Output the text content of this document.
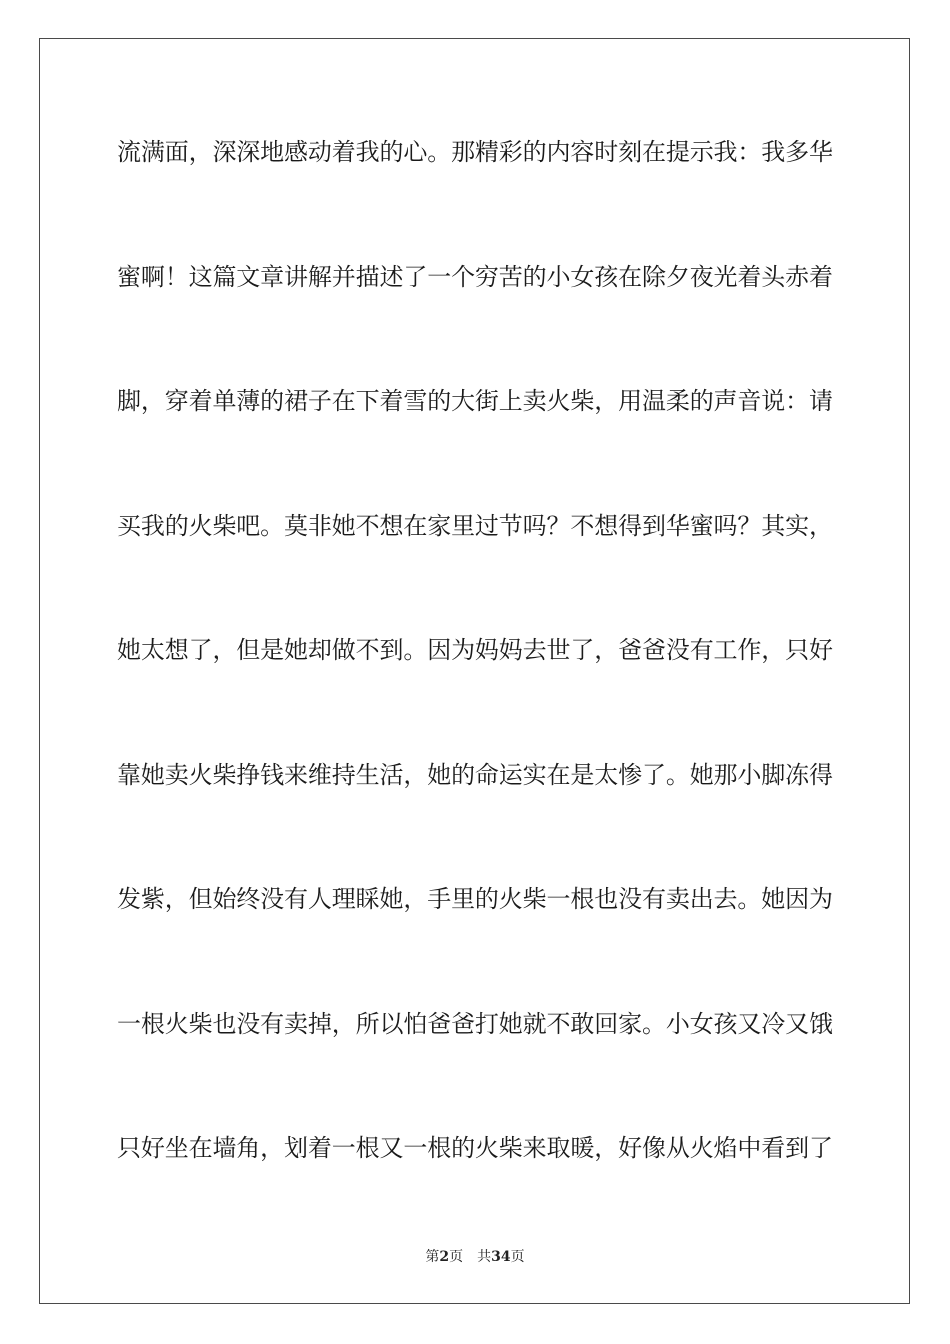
流满面，深深地感动着我的心。那精彩的内容时刻在提示我：我多华
蜜啊！这篇文章讲解并描述了一个穷苦的小女孩在除夕夜光着头赤着
脚，穿着单薄的裙子在下着雪的大街上卖火柴，用温柔的声音说：请
买我的火柴吧。莫非她不想在家里过节吗？不想得到华蜜吗？其实，
她太想了，但是她却做不到。因为妈妈去世了，爸爸没有工作，只好
靠她卖火柴挣钱来维持生活，她的命运实在是太惨了。她那小脚冻得
发紫，但始终没有人理睬她，手里的火柴一根也没有卖出去。她因为
一根火柴也没有卖掉，所以怕爸爸打她就不敢回家。小女孩又冷又饿
只好坐在墙角，划着一根又一根的火柴来取暖，好像从火焰中看到了
第2页 共34页
